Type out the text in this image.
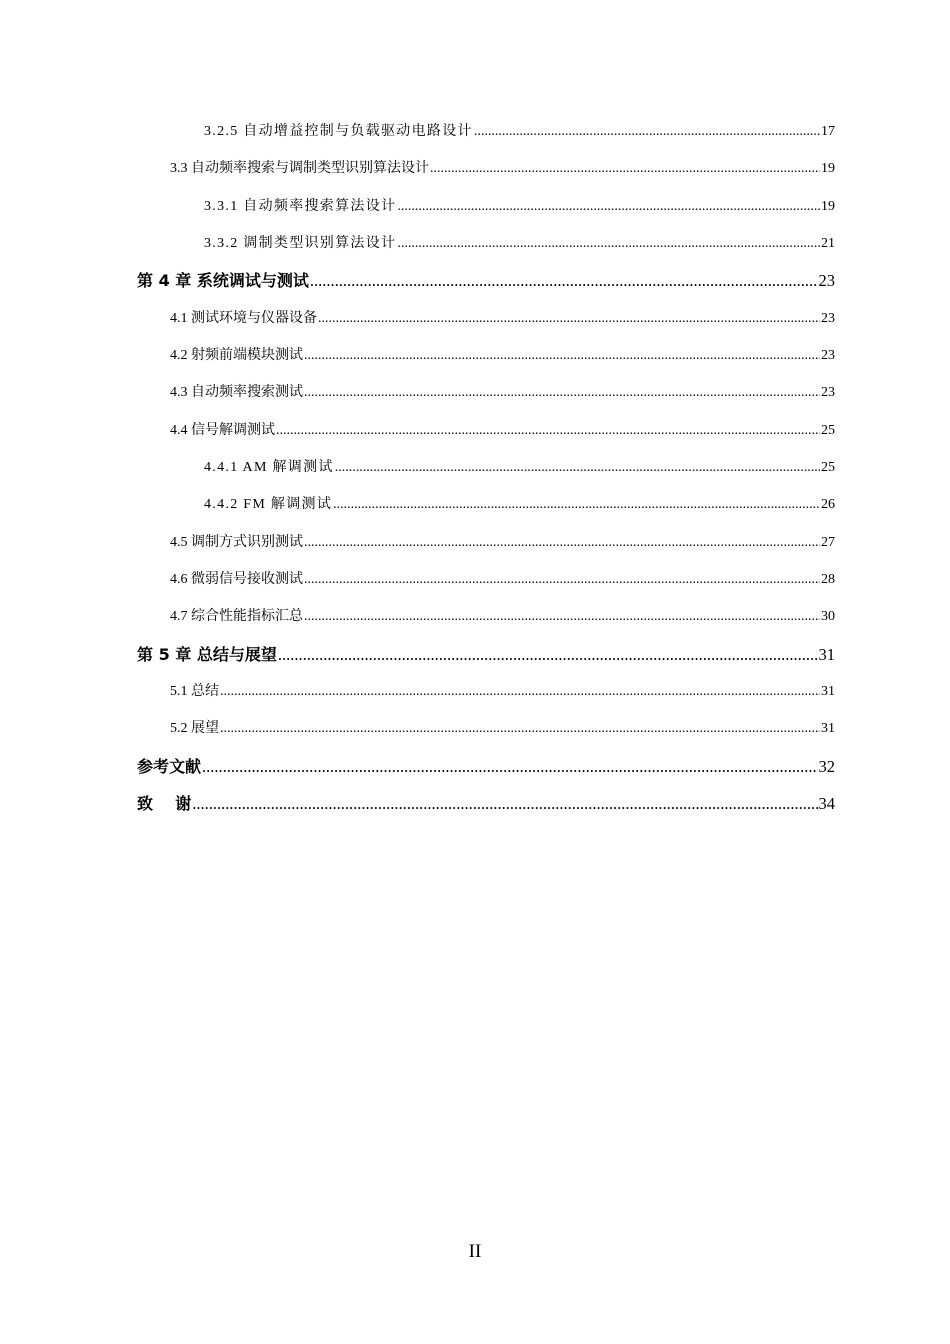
3.2.5 自动增益控制与负载驱动电路设计 .....	17
3.3 自动频率搜索与调制类型识别算法设计 .....	19
3.3.1 自动频率搜索算法设计 .....	19
3.3.2 调制类型识别算法设计 .....	21
第 4 章 系统调试与测试 .....	23
4.1 测试环境与仪器设备 .....	23
4.2 射频前端模块测试 .....	23
4.3 自动频率搜索测试 .....	23
4.4 信号解调测试 .....	25
4.4.1 AM 解调测试 .....	25
4.4.2 FM 解调测试 .....	26
4.5 调制方式识别测试 .....	27
4.6 微弱信号接收测试 .....	28
4.7 综合性能指标汇总 .....	30
第 5 章 总结与展望 .....	31
5.1 总结 .....	31
5.2 展望 .....	31
参考文献 .....	32
致    谢 .....	34
II
